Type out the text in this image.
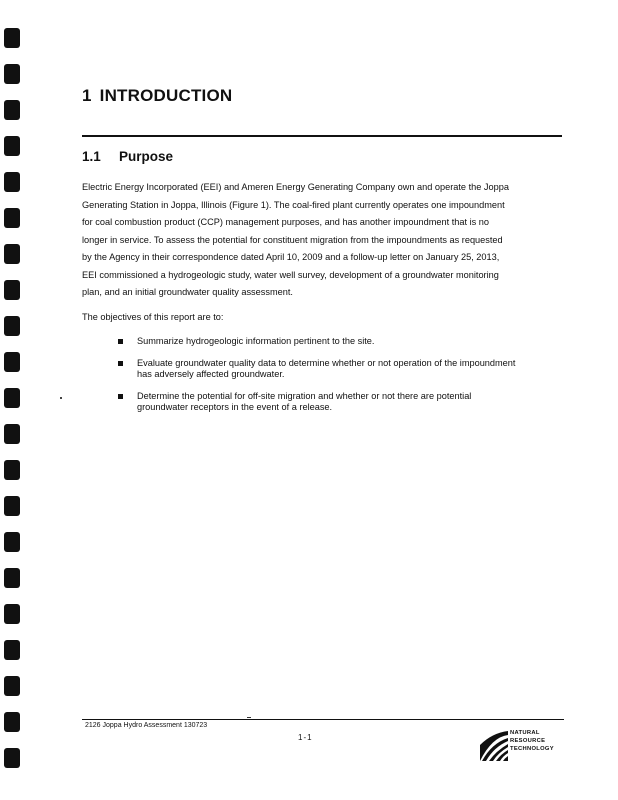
1 INTRODUCTION
1.1 Purpose

Electric Energy Incorporated (EEI) and Ameren Energy Generating Company own and operate the Joppa
Generating Station in Joppa, Illinois (Figure 1). The coal-fired plant currently operates one impoundment
for coal combustion product (CCP) management purposes, and has another impoundment that is no
longer in service. To assess the potential for constituent migration from the impoundments as requested
by the Agency in their correspondence dated April 10, 2009 and a follow-up letter on January 25, 2013,
EEI commissioned a hydrogeologic study, water well survey, development of a groundwater monitoring
plan, and an initial groundwater quality assessment.

The objectives of this report are to:

Summarize hydrogeologic information pertinent to the site.
Evaluate groundwater quality data to determine whether or not operation of the impoundment
has adversely affected groundwater.
Determine the potential for off-site migration and whether or not there are potential
groundwater receptors in the event of a release.
2126 Joppa Hydro Assessment 130723
1-1	NATURAL
RESOURCE
TECHNOLOGY
